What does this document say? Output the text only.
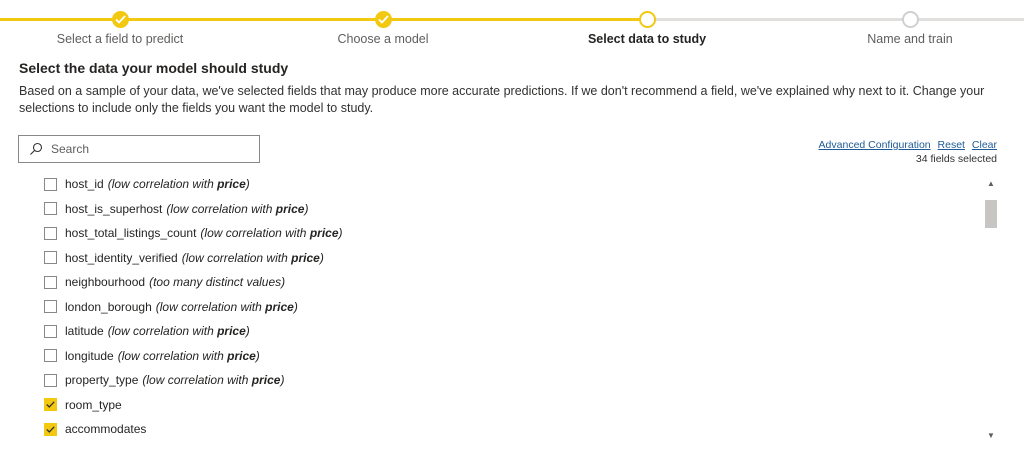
Select a field to predict	Choose a model	Select data to study	Name and train
Select the data your model should study
Based on a sample of your data, we've selected fields that may produce more accurate predictions. If we don't recommend a field, we've explained why next to it. Change your selections to include only the fields you want the model to study.
Search
Advanced Configuration Reset Clear
34 fields selected
host_id (low correlation with price)
host_is_superhost (low correlation with price)
host_total_listings_count (low correlation with price)
host_identity_verified (low correlation with price)
neighbourhood (too many distinct values)
london_borough (low correlation with price)
latitude (low correlation with price)
longitude (low correlation with price)
property_type (low correlation with price)
room_type
accommodates
▲
▼
